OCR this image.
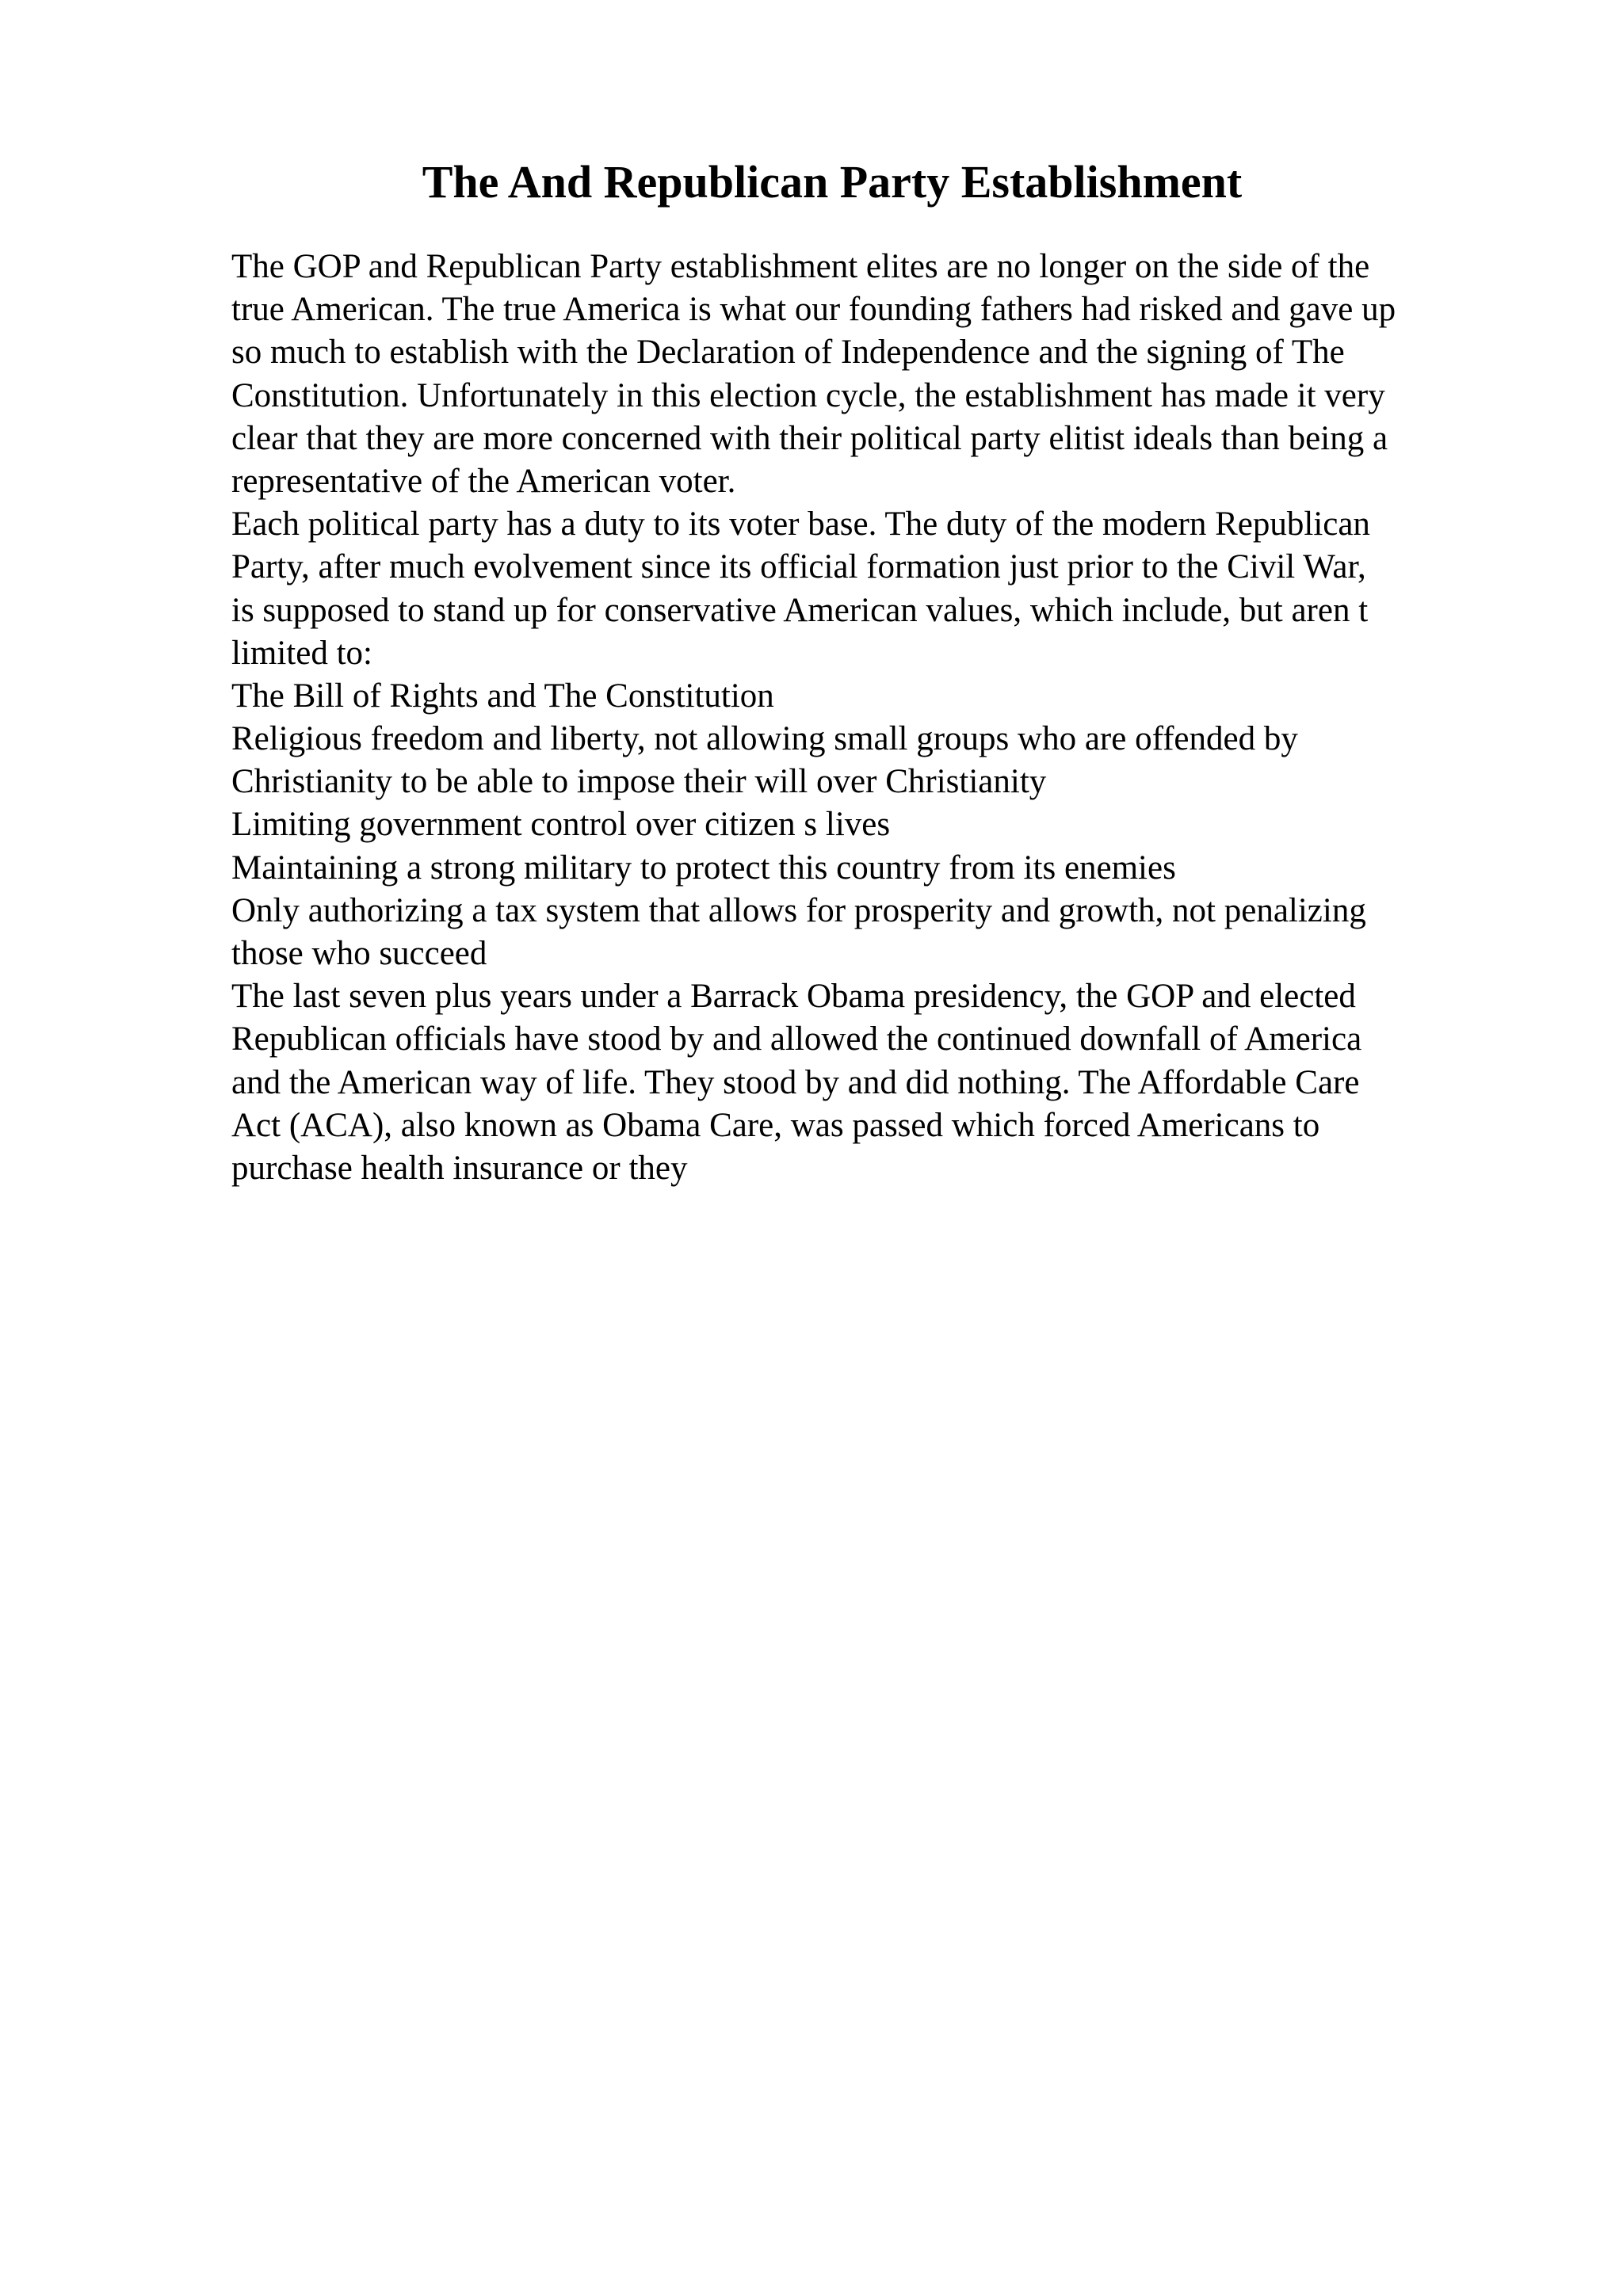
The And Republican Party Establishment
The GOP and Republican Party establishment elites are no longer on the side of the
true American. The true America is what our founding fathers had risked and gave up
so much to establish with the Declaration of Independence and the signing of The
Constitution. Unfortunately in this election cycle, the establishment has made it very
clear that they are more concerned with their political party elitist ideals than being a
representative of the American voter.
Each political party has a duty to its voter base. The duty of the modern Republican
Party, after much evolvement since its official formation just prior to the Civil War,
is supposed to stand up for conservative American values, which include, but aren t
limited to:
The Bill of Rights and The Constitution
Religious freedom and liberty, not allowing small groups who are offended by
Christianity to be able to impose their will over Christianity
Limiting government control over citizen s lives
Maintaining a strong military to protect this country from its enemies
Only authorizing a tax system that allows for prosperity and growth, not penalizing
those who succeed
The last seven plus years under a Barrack Obama presidency, the GOP and elected
Republican officials have stood by and allowed the continued downfall of America
and the American way of life. They stood by and did nothing. The Affordable Care
Act (ACA), also known as Obama Care, was passed which forced Americans to
purchase health insurance or they
